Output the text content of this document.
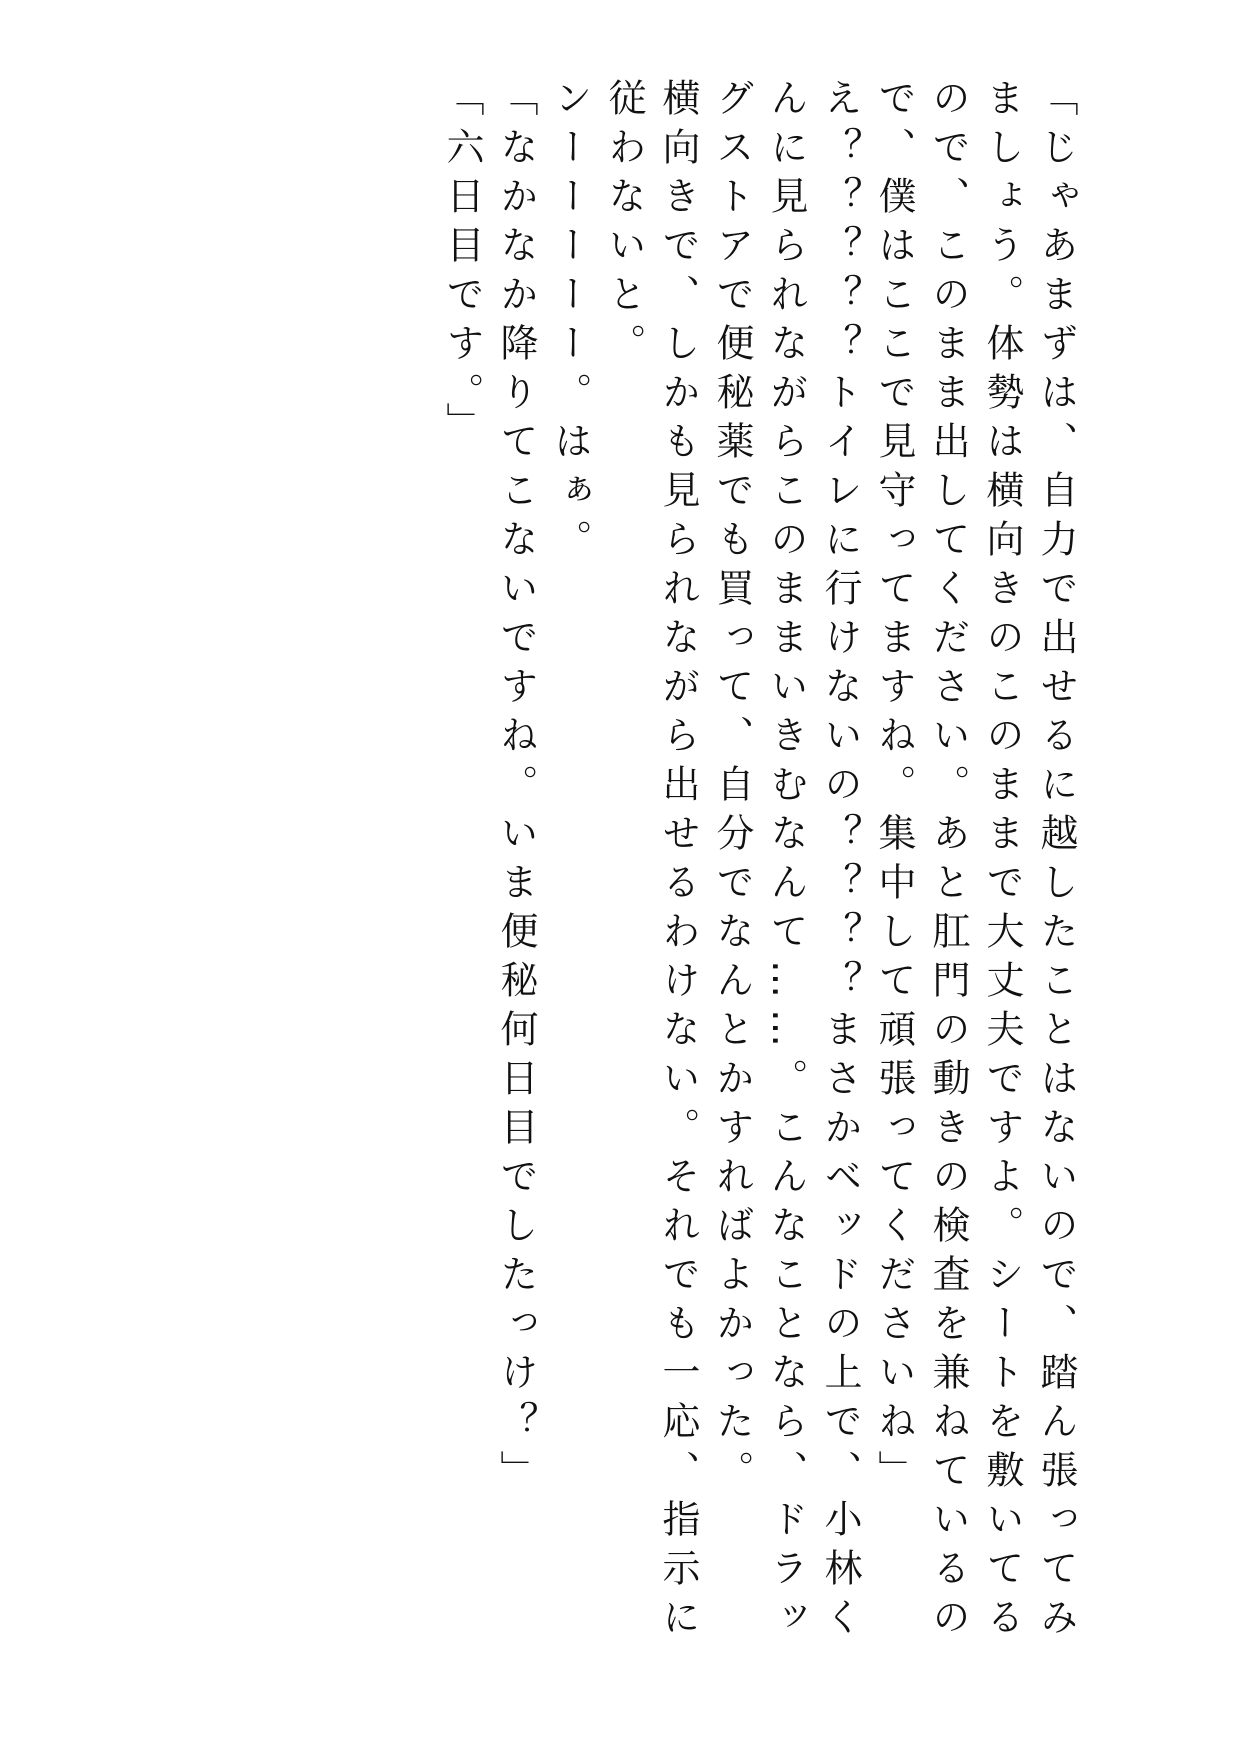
「じゃあまずは、自力で出せるに越したことはないので、踏ん張ってみましょう。体勢は横向きのこのままで大丈夫ですよ。シートを敷いてるので、このまま出してください。あと肛門の動きの検査を兼ねているので、僕はここで見守ってますね。集中して頑張ってくださいね」

え？？？？？トイレに行けないの？？？？まさかベッドの上で、小林くんに見られながらこのままいきむなんて……。こんなことなら、ドラッグストアで便秘薬でも買って、自分でなんとかすればよかった。

横向きで、しかも見られながら出せるわけない。それでも一応、指示に従わないと。

ンーーーーー。はぁ。

「なかなか降りてこないですね。いま便秘何日目でしたっけ？」

「六日目です。」
